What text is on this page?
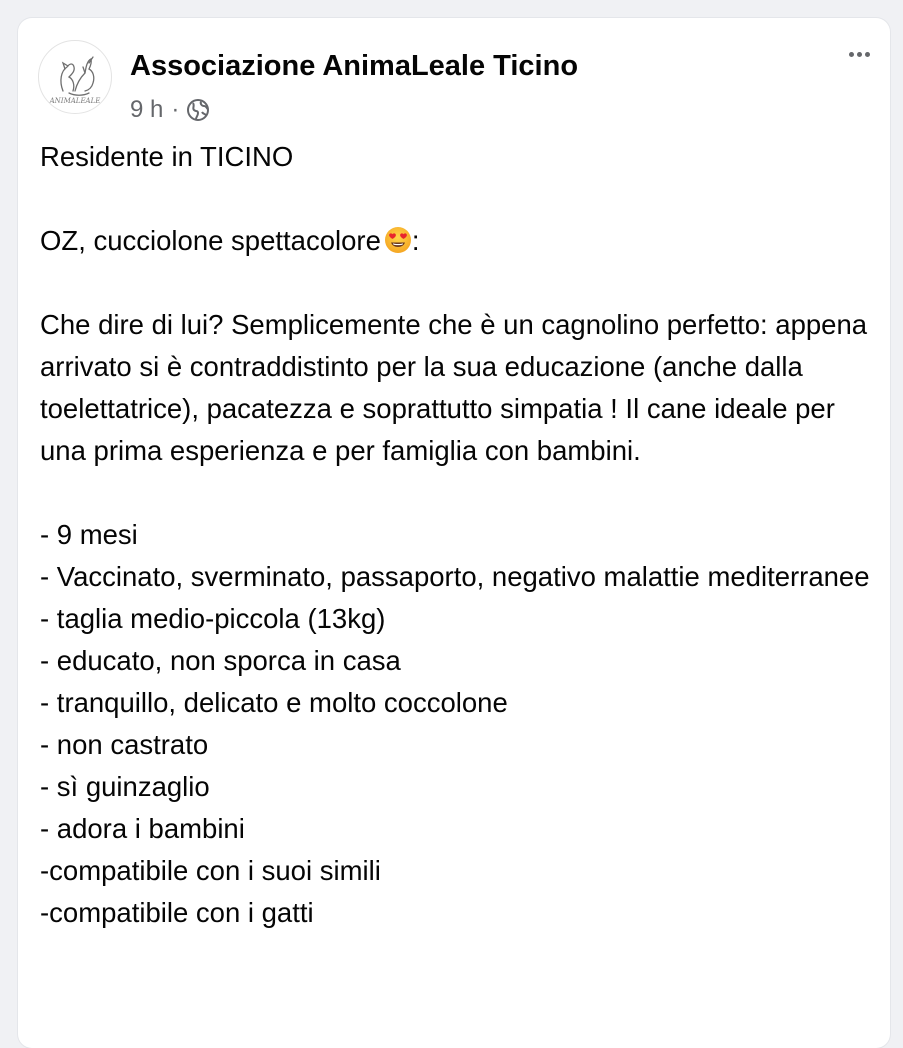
ANIMALEALE
Associazione AnimaLeale Ticino
9 h ·

Residente in TICINO

OZ, cucciolone spettacolore :

Che dire di lui? Semplicemente che è un cagnolino perfetto: appena arrivato si è contraddistinto per la sua educazione (anche dalla toelettatrice), pacatezza e soprattutto simpatia ! Il cane ideale per una prima esperienza e per famiglia con bambini.

- 9 mesi

- Vaccinato, sverminato, passaporto, negativo malattie mediterranee

- taglia medio-piccola (13kg)

- educato, non sporca in casa

- tranquillo, delicato e molto coccolone

- non castrato

- sì guinzaglio

- adora i bambini

-compatibile con i suoi simili

-compatibile con i gatti
